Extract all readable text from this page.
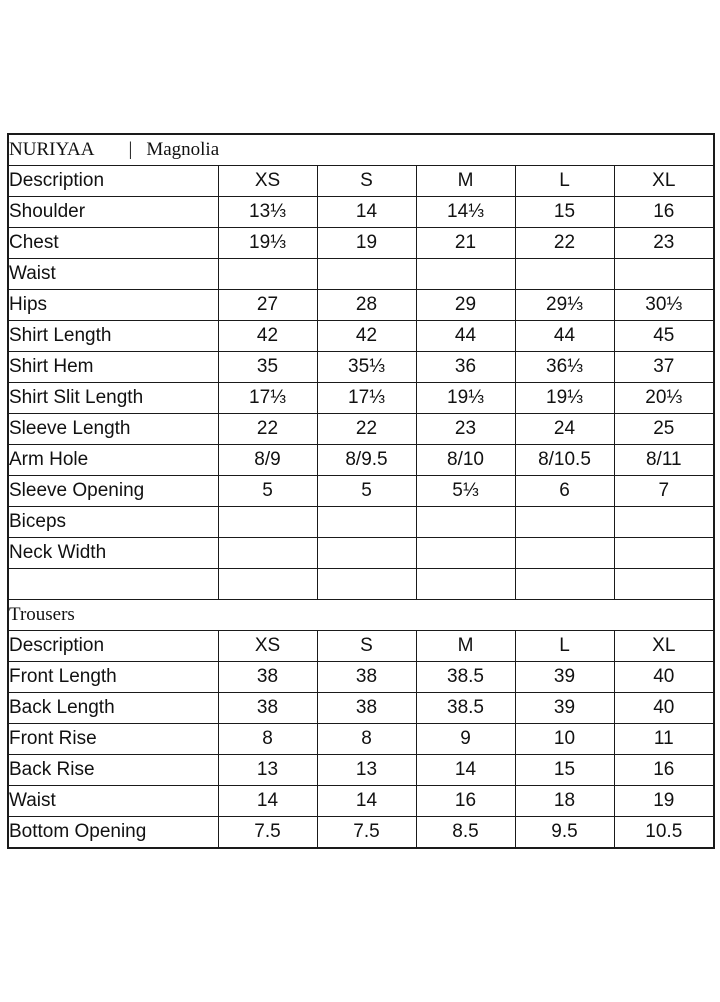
NURIYAA | Magnolia					
Description	XS	S	M	L	XL
Shoulder	13⅓	14	14⅓	15	16
Chest	19⅓	19	21	22	23
Waist					
Hips	27	28	29	29⅓	30⅓
Shirt Length	42	42	44	44	45
Shirt Hem	35	35⅓	36	36⅓	37
Shirt Slit Length	17⅓	17⅓	19⅓	19⅓	20⅓
Sleeve Length	22	22	23	24	25
Arm Hole	8/9	8/9.5	8/10	8/10.5	8/11
Sleeve Opening	5	5	5⅓	6	7
Biceps					
Neck Width					

Trousers					
Description	XS	S	M	L	XL
Front Length	38	38	38.5	39	40
Back Length	38	38	38.5	39	40
Front Rise	8	8	9	10	11
Back Rise	13	13	14	15	16
Waist	14	14	16	18	19
Bottom Opening	7.5	7.5	8.5	9.5	10.5
